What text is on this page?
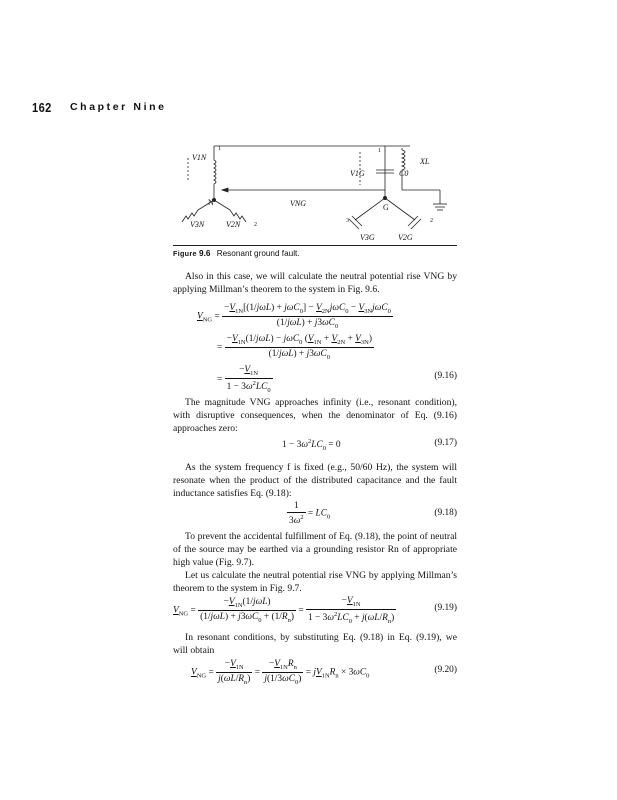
162 Chapter Nine
V1N
V1G	C0
XL
VNG
V3N	V2N
V3G	V2G
N
G
1	1
2
2
3
Figure 9.6 Resonant ground fault.

Also in this case, we will calculate the neutral potential rise VNG by applying Millman’s theorem to the system in Fig. 9.6.

$V_{NG} = \frac{-V_{1N}[(1/j\omega L) + j\omega C_0] - V_{2N}j\omega C_0 - V_{3N}j\omega C_0}{(1/j\omega L) + j3\omega C_0}$
= $\frac{-V_{1N}(1/j\omega L) - j\omega C_0 (V_{1N} + V_{2N} + V_{3N})}{(1/j\omega L) + j3\omega C_0}$
= $\frac{-V_{1N}}{1 - 3\omega^2LC_0}$	(9.16)

The magnitude VNG approaches infinity (i.e., resonant condition), with disruptive consequences, when the denominator of Eq. (9.16) approaches zero:

$1 - 3\omega^2LC_0 = 0$	(9.17)

As the system frequency f is fixed (e.g., 50/60 Hz), the system will resonate when the product of the distributed capacitance and the fault inductance satisfies Eq. (9.18):

$\frac{1}{3\omega^2} = LC_0$	(9.18)

To prevent the accidental fulfillment of Eq. (9.18), the point of neutral of the source may be earthed via a grounding resistor Rn of appropriate high value (Fig. 9.7).

Let us calculate the neutral potential rise VNG by applying Millman’s theorem to the system in Fig. 9.7.

$V_{NG} = \frac{-V_{1N}(1/j\omega L)}{(1/j\omega L) + j3\omega C_0 + (1/R_n)} = \frac{-V_{1N}}{1 - 3\omega^2LC_0 + j(\omega L/R_n)}$	(9.19)

In resonant conditions, by substituting Eq. (9.18) in Eq. (9.19), we will obtain

$V_{NG} = \frac{-V_{1N}}{j(\omega L/R_n)} = \frac{-V_{1N}R_n}{j(1/3\omega C_0)} = jV_{1N}R_n \times 3\omega C_0$
(9.20)
